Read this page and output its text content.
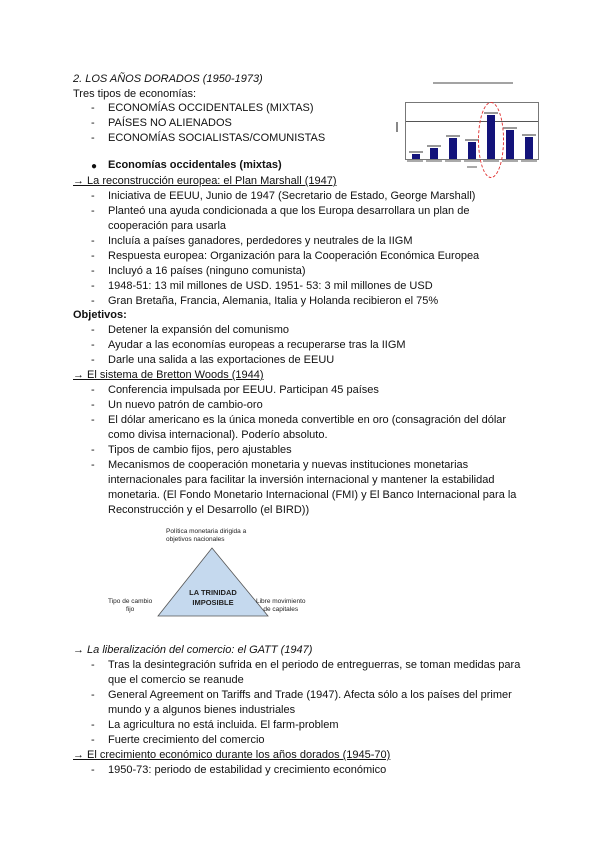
2. LOS AÑOS DORADOS (1950-1973)
Tres tipos de economías:
- ECONOMÍAS OCCIDENTALES (MIXTAS)
- PAÍSES NO ALIENADOS
- ECONOMÍAS SOCIALISTAS/COMUNISTAS
● Economías occidentales (mixtas)
→ La reconstrucción europea: el Plan Marshall (1947)
- Iniciativa de EEUU, Junio de 1947 (Secretario de Estado, George Marshall)
- Planteó una ayuda condicionada a que los Europa desarrollara un plan de
cooperación para usarla
- Incluía a países ganadores, perdedores y neutrales de la IIGM
- Respuesta europea: Organización para la Cooperación Económica Europea
- Incluyó a 16 países (ninguno comunista)
- 1948-51: 13 mil millones de USD. 1951- 53: 3 mil millones de USD
- Gran Bretaña, Francia, Alemania, Italia y Holanda recibieron el 75%
Objetivos:
- Detener la expansión del comunismo
- Ayudar a las economías europeas a recuperarse tras la IIGM
- Darle una salida a las exportaciones de EEUU
→ El sistema de Bretton Woods (1944)
- Conferencia impulsada por EEUU. Participan 45 países
- Un nuevo patrón de cambio-oro
- El dólar americano es la única moneda convertible en oro (consagración del dólar
como divisa internacional). Poderío absoluto.
- Tipos de cambio fijos, pero ajustables
- Mecanismos de cooperación monetaria y nuevas instituciones monetarias
internacionales para facilitar la inversión internacional y mantener la estabilidad
monetaria. (El Fondo Monetario Internacional (FMI) y El Banco Internacional para la
Reconstrucción y el Desarrollo (el BIRD))
Política monetaria dirigida a
objetivos nacionales
Tipo de cambio
fijo
Libre movimiento
de capitales
LA TRINIDAD
IMPOSIBLE
→ La liberalización del comercio: el GATT (1947)
- Tras la desintegración sufrida en el periodo de entreguerras, se toman medidas para
que el comercio se reanude
- General Agreement on Tariffs and Trade (1947). Afecta sólo a los países del primer
mundo y a algunos bienes industriales
- La agricultura no está incluida. El farm-problem
- Fuerte crecimiento del comercio
→ El crecimiento económico durante los años dorados (1945-70)
- 1950-73: periodo de estabilidad y crecimiento económico
